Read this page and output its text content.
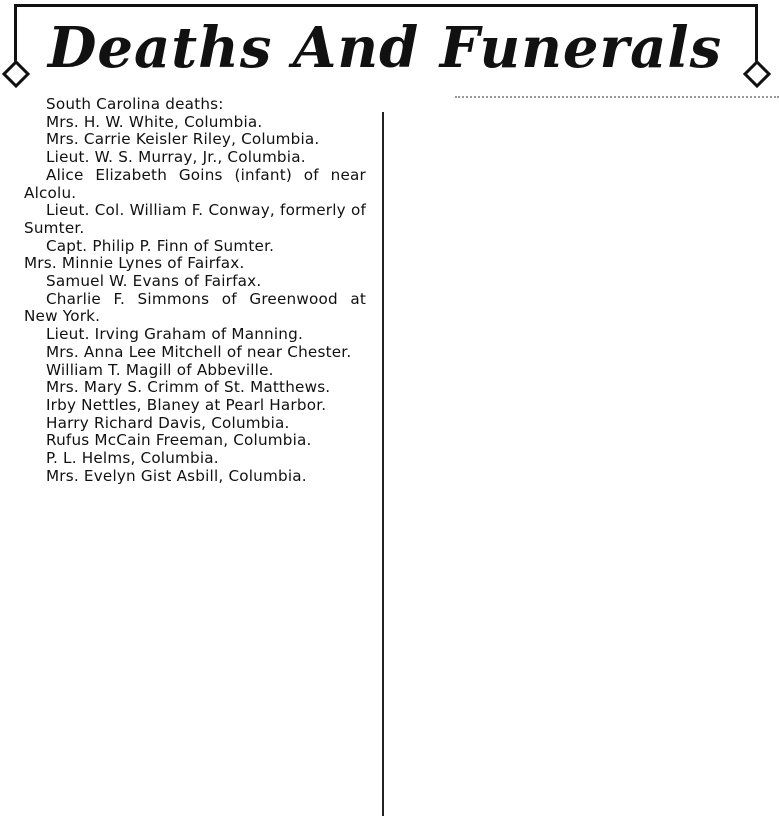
Deaths And Funerals

South Carolina deaths:

Mrs. H. W. White, Columbia.

Mrs. Carrie Keisler Riley, Columbia.

Lieut. W. S. Murray, Jr., Columbia.

Alice Elizabeth Goins (infant) of near Alcolu.

Lieut. Col. William F. Conway, formerly of Sumter.

Capt. Philip P. Finn of Sumter.

Mrs. Minnie Lynes of Fairfax.

Samuel W. Evans of Fairfax.

Charlie F. Simmons of Greenwood at New York.

Lieut. Irving Graham of Manning.

Mrs. Anna Lee Mitchell of near Chester.

William T. Magill of Abbeville.

Mrs. Mary S. Crimm of St. Matthews.

Irby Nettles, Blaney at Pearl Harbor.

Harry Richard Davis, Columbia.

Rufus McCain Freeman, Columbia.

P. L. Helms, Columbia.

Mrs. Evelyn Gist Asbill, Columbia.
